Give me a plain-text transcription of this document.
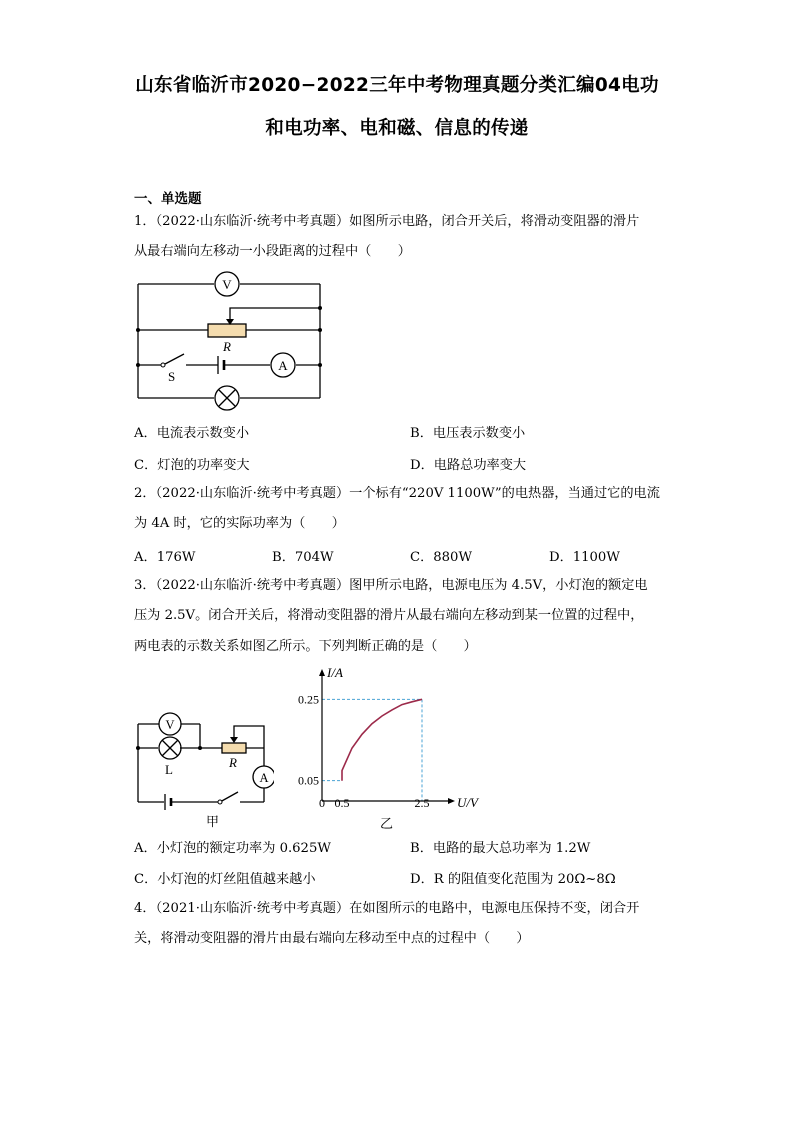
山东省临沂市2020−2022三年中考物理真题分类汇编04电功
和电功率、电和磁、信息的传递
一、单选题
1．（2022·山东临沂·统考中考真题）如图所示电路，闭合开关后，将滑动变阻器的滑片
从最右端向左移动一小段距离的过程中（　　）
V
A
R
S
A．电流表示数变小	B．电压表示数变小
C．灯泡的功率变大	D．电路总功率变大
2．（2022·山东临沂·统考中考真题）一个标有“220V 1100W”的电热器，当通过它的电流
为 4A 时，它的实际功率为（　　）
A．176W	B．704W	C．880W	D．1100W
3．（2022·山东临沂·统考中考真题）图甲所示电路，电源电压为 4.5V，小灯泡的额定电
压为 2.5V。闭合开关后，将滑动变阻器的滑片从最右端向左移动到某一位置的过程中，
两电表的示数关系如图乙所示。下列判断正确的是（　　）
V
A
L	R
甲
I/A
U/V
0 0.5	2.5
0.25
0.05
乙
A．小灯泡的额定功率为 0.625W	B．电路的最大总功率为 1.2W
C．小灯泡的灯丝阻值越来越小	D．R 的阻值变化范围为 20Ω~8Ω
4．（2021·山东临沂·统考中考真题）在如图所示的电路中，电源电压保持不变，闭合开
关，将滑动变阻器的滑片由最右端向左移动至中点的过程中（　　）
